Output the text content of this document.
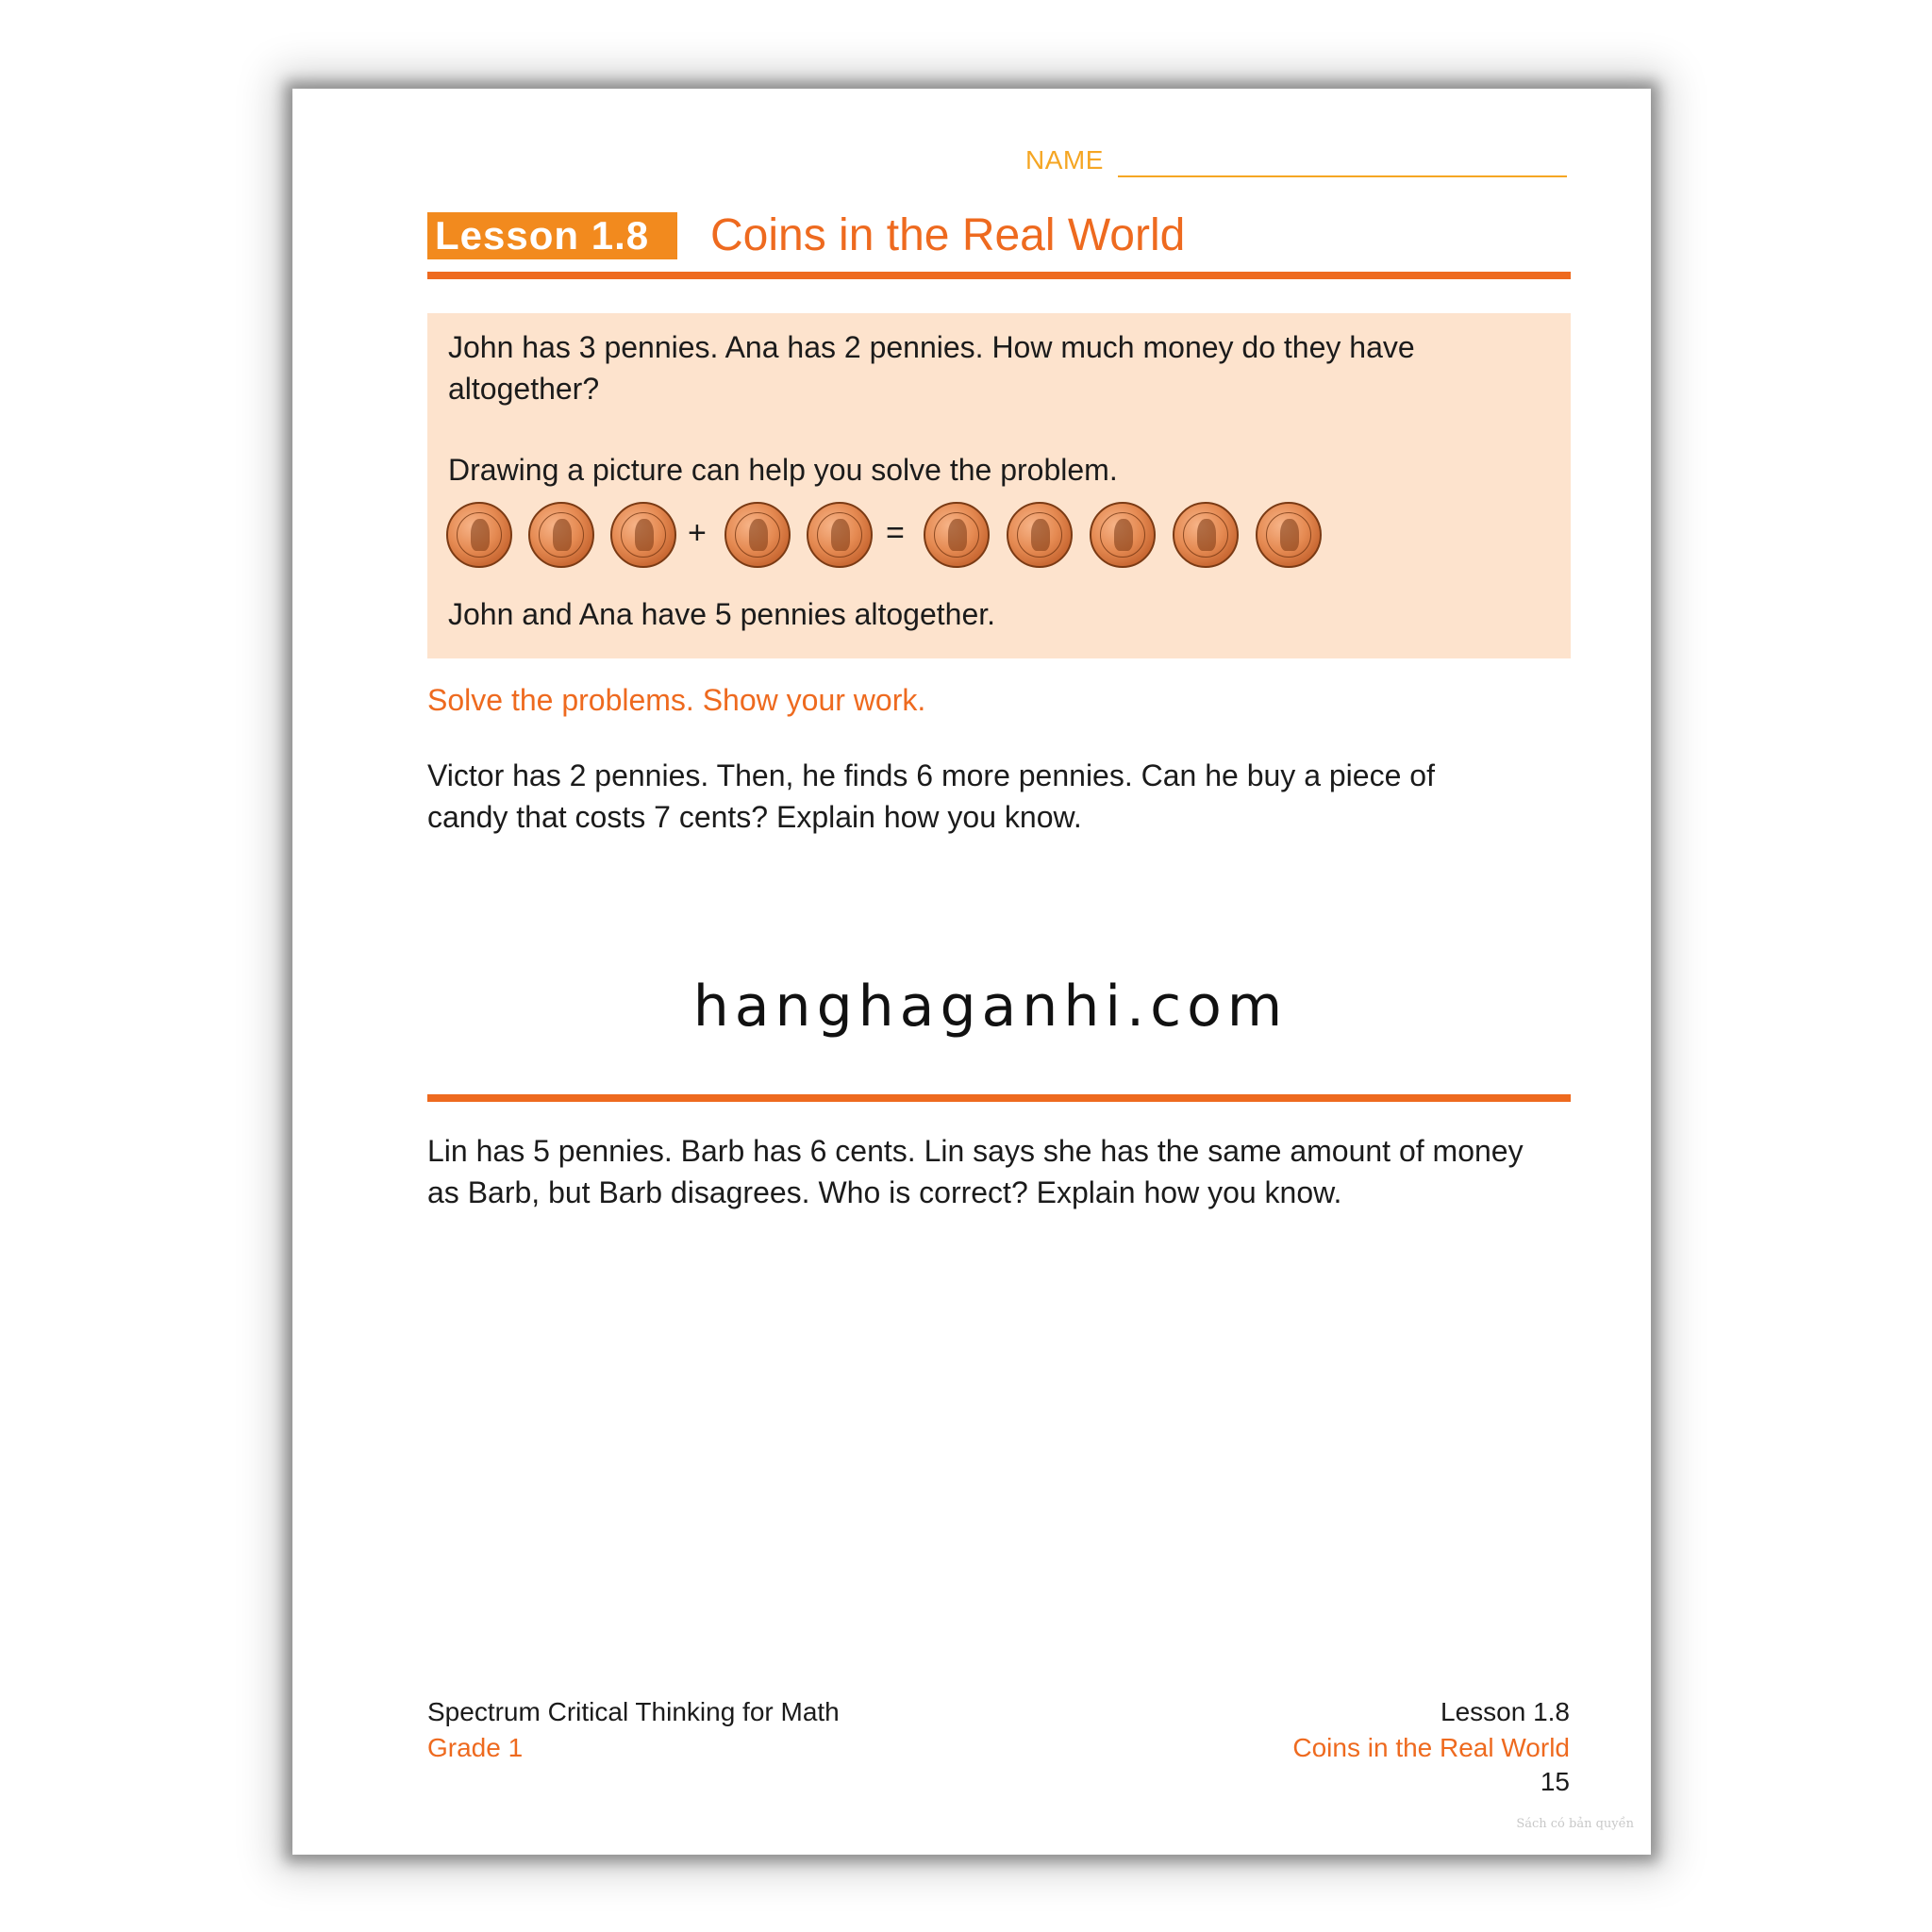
NAME
Lesson 1.8	Coins in the Real World
John has 3 pennies. Ana has 2 pennies. How much money do they have
altogether?
Drawing a picture can help you solve the problem.
+	=
John and Ana have 5 pennies altogether.
Solve the problems. Show your work.
Victor has 2 pennies. Then, he finds 6 more pennies. Can he buy a piece of
candy that costs 7 cents? Explain how you know.
hanghaganhi.com
Lin has 5 pennies. Barb has 6 cents. Lin says she has the same amount of money
as Barb, but Barb disagrees. Who is correct? Explain how you know.
Spectrum Critical Thinking for Math
Grade 1
Lesson 1.8
Coins in the Real World
15
Sách có bản quyền
